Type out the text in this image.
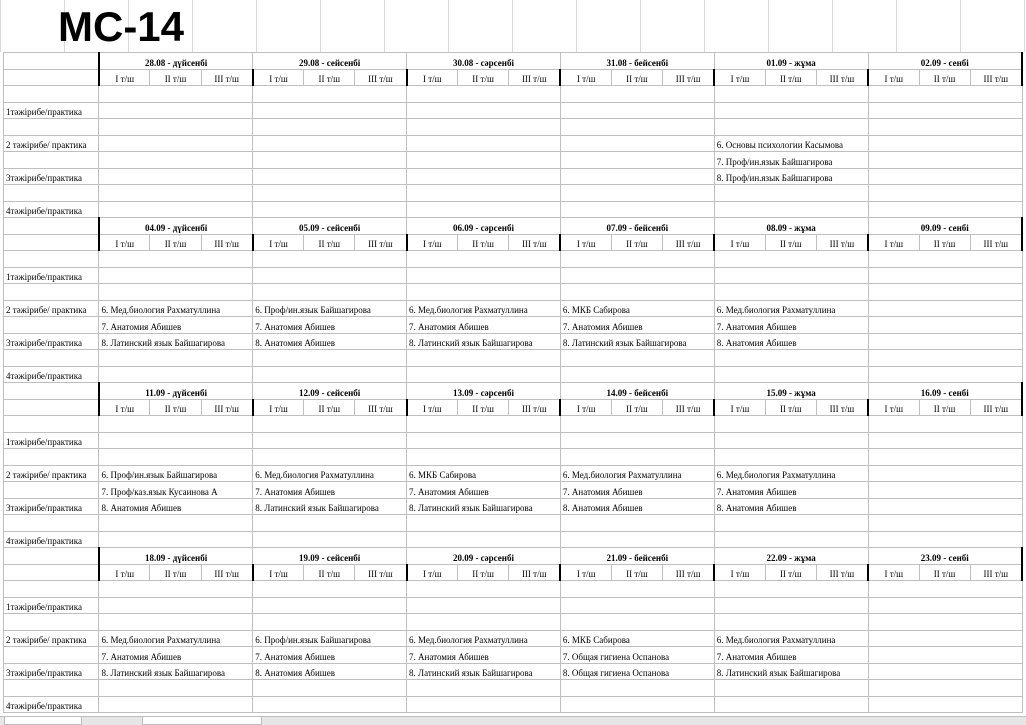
МС-14
	28.08 - дүйсенбі			29.08 - сейсенбі			30.08 - сәрсенбі			31.08 - бейсенбі			01.09 - жұма			02.09 - сенбі		
	I т/ш	II т/ш	III т/ш	I т/ш	II т/ш	III т/ш	I т/ш	II т/ш	III т/ш	I т/ш	II т/ш	III т/ш	I т/ш	II т/ш	III т/ш	I т/ш	II т/ш	III т/ш

1тәжірибе/практика																		

2 тәжірибе/ практика													6. Основы психологии Касымова					
													7. Проф/ин.язык Байшагирова					
3тәжірибе/практика													8. Проф/ин.язык Байшагирова					

4тәжірибе/практика																		
	04.09 - дүйсенбі			05.09 - сейсенбі			06.09 - сәрсенбі			07.09 - бейсенбі			08.09 - жұма			09.09 - сенбі		
	I т/ш	II т/ш	III т/ш	I т/ш	II т/ш	III т/ш	I т/ш	II т/ш	III т/ш	I т/ш	II т/ш	III т/ш	I т/ш	II т/ш	III т/ш	I т/ш	II т/ш	III т/ш

1тәжірибе/практика																		

2 тәжірибе/ практика	6. Мед.биология Рахматуллина			6. Проф/ин.язык Байшагирова			6. Мед.биология Рахматуллина			6. МКБ Сабирова			6. Мед.биология Рахматуллина					
	7. Анатомия Абишев			7. Анатомия Абишев			7. Анатомия Абишев			7. Анатомия Абишев			7. Анатомия Абишев					
3тәжірибе/практика	8. Латинский язык Байшагирова			8. Анатомия Абишев			8. Латинский язык Байшагирова			8. Латинский язык Байшагирова			8. Анатомия Абишев					

4тәжірибе/практика																		
	11.09 - дүйсенбі			12.09 - сейсенбі			13.09 - сәрсенбі			14.09 - бейсенбі			15.09 - жұма			16.09 - сенбі		
	I т/ш	II т/ш	III т/ш	I т/ш	II т/ш	III т/ш	I т/ш	II т/ш	III т/ш	I т/ш	II т/ш	III т/ш	I т/ш	II т/ш	III т/ш	I т/ш	II т/ш	III т/ш

1тәжірибе/практика																		

2 тәжірибе/ практика	6. Проф/ин.язык Байшагирова			6. Мед.биология Рахматуллина			6. МКБ Сабирова			6. Мед.биология Рахматуллина			6. Мед.биология Рахматуллина					
	7. Проф/каз.язык Кусаинова А			7. Анатомия Абишев			7. Анатомия Абишев			7. Анатомия Абишев			7. Анатомия Абишев					
3тәжірибе/практика	8. Анатомия Абишев			8. Латинский язык Байшагирова			8. Латинский язык Байшагирова			8. Анатомия Абишев			8. Анатомия Абишев					

4тәжірибе/практика																		
	18.09 - дүйсенбі			19.09 - сейсенбі			20.09 - сәрсенбі			21.09 - бейсенбі			22.09 - жұма			23.09 - сенбі		
	I т/ш	II т/ш	III т/ш	I т/ш	II т/ш	III т/ш	I т/ш	II т/ш	III т/ш	I т/ш	II т/ш	III т/ш	I т/ш	II т/ш	III т/ш	I т/ш	II т/ш	III т/ш

1тәжірибе/практика																		

2 тәжірибе/ практика	6. Мед.биология Рахматуллина			6. Проф/ин.язык Байшагирова			6. Мед.биология Рахматуллина			6. МКБ Сабирова			6. Мед.биология Рахматуллина					
	7. Анатомия Абишев			7. Анатомия Абишев			7. Анатомия Абишев			7. Общая гигиена Оспанова			7. Анатомия Абишев					
3тәжірибе/практика	8. Латинский язык Байшагирова			8. Анатомия Абишев			8. Латинский язык Байшагирова			8. Общая гигиена Оспанова			8. Латинский язык Байшагирова					

4тәжірибе/практика																		
